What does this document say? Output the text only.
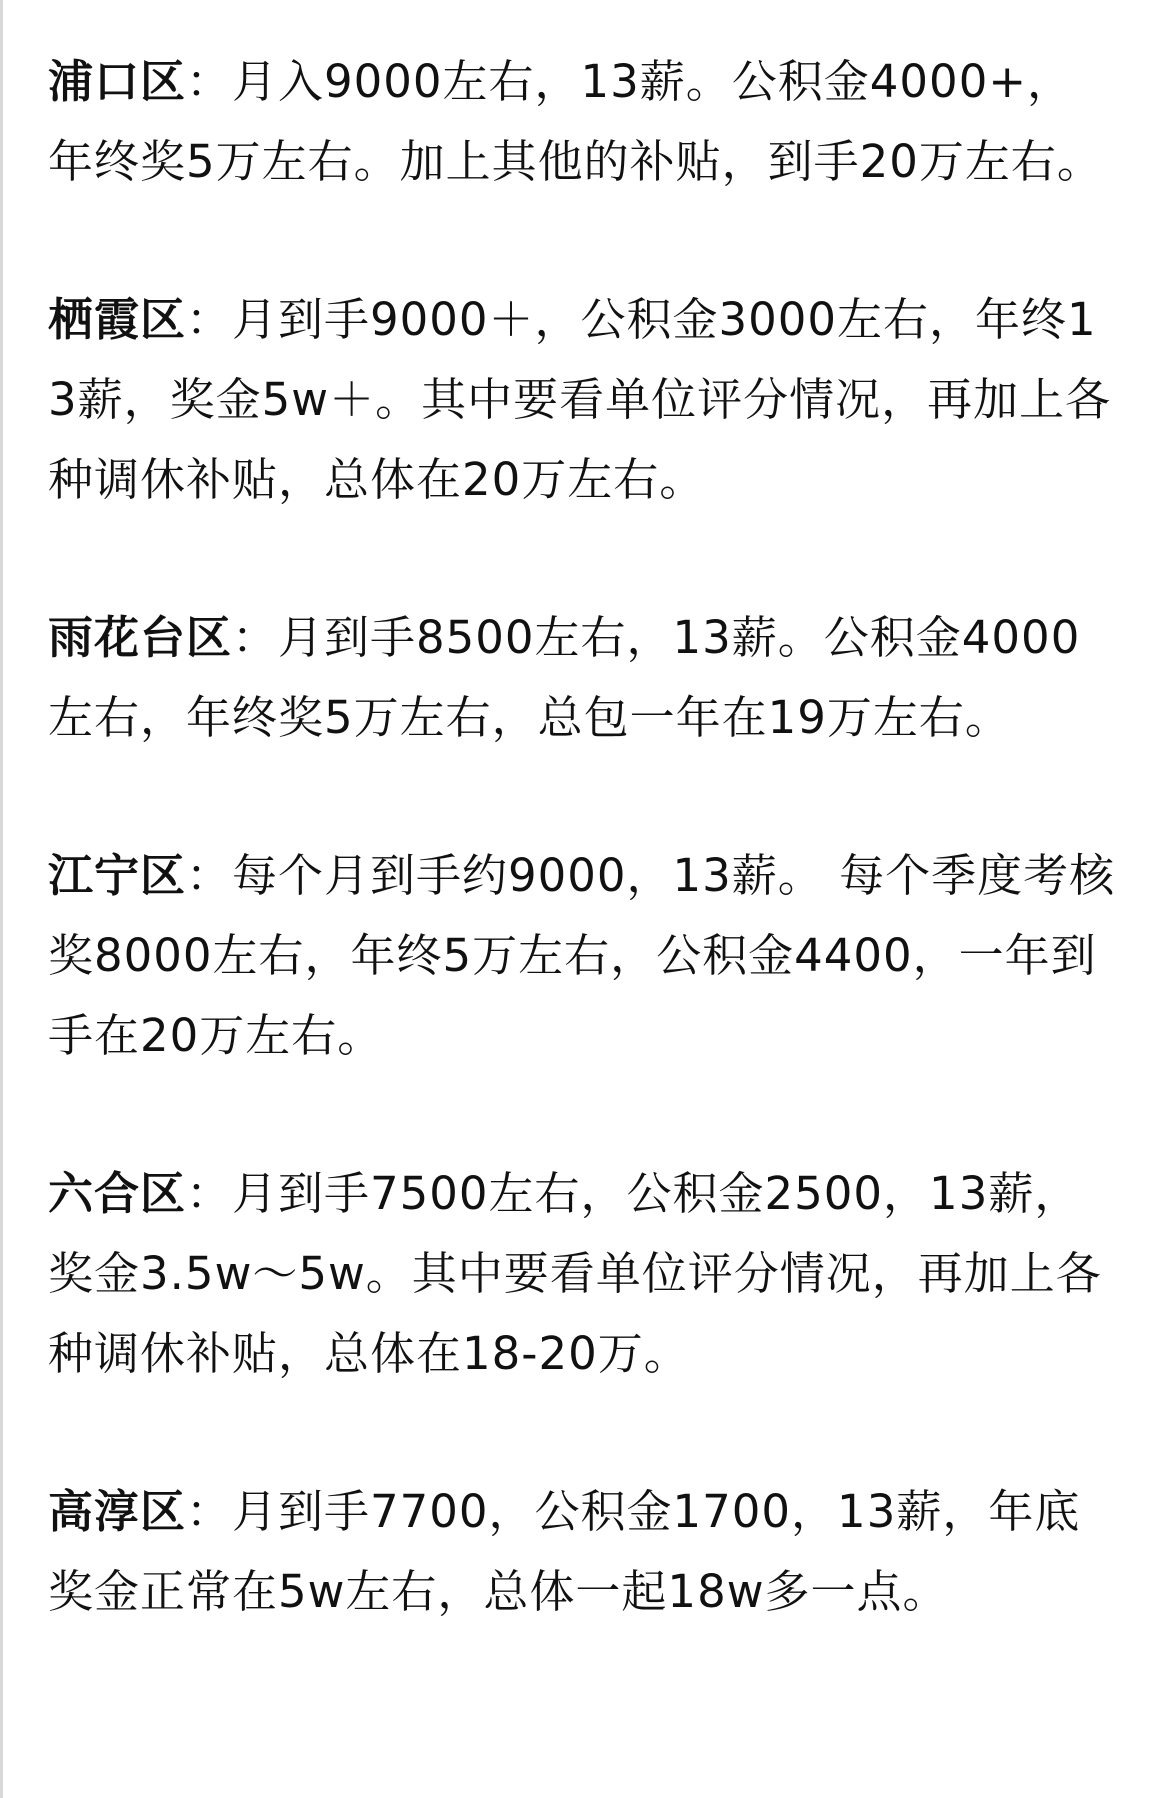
浦口区：月入9000左右，13薪。公积金4000+，年终奖5万左右。加上其他的补贴，到手20万左右。

栖霞区：月到手9000＋，公积金3000左右，年终13薪，奖金5w＋。其中要看单位评分情况，再加上各种调休补贴，总体在20万左右。

雨花台区：月到手8500左右，13薪。公积金4000左右，年终奖5万左右，总包一年在19万左右。

江宁区：每个月到手约9000，13薪。 每个季度考核奖8000左右，年终5万左右，公积金4400，一年到手在20万左右。

六合区：月到手7500左右，公积金2500，13薪，奖金3.5w～5w。其中要看单位评分情况，再加上各种调休补贴，总体在18-20万。

高淳区：月到手7700，公积金1700，13薪，年底奖金正常在5w左右，总体一起18w多一点。
